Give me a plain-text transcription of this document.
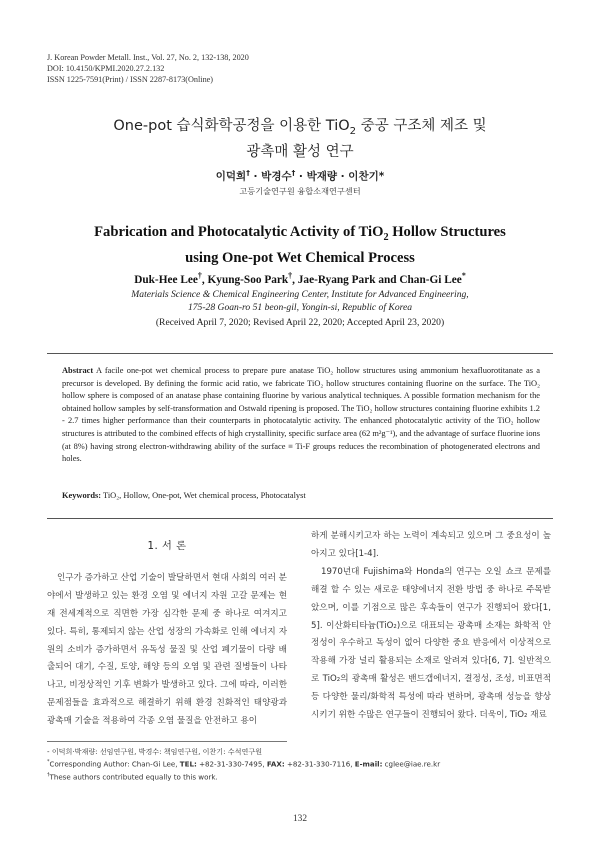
J. Korean Powder Metall. Inst., Vol. 27, No. 2, 132-138, 2020
DOI: 10.4150/KPMI.2020.27.2.132
ISSN 1225-7591(Print) / ISSN 2287-8173(Online)
One-pot 습식화학공정을 이용한 TiO$_2$ 중공 구조체 제조 및
광촉매 활성 연구
이덕희† · 박경수† · 박재량 · 이찬기*
고등기술연구원 융합소재연구센터
Fabrication and Photocatalytic Activity of TiO$_2$ Hollow Structures
using One-pot Wet Chemical Process
Duk-Hee Lee†, Kyung-Soo Park†, Jae-Ryang Park and Chan-Gi Lee*
Materials Science & Chemical Engineering Center, Institute for Advanced Engineering,
175-28 Goan-ro 51 beon-gil, Yongin-si, Republic of Korea
(Received April 7, 2020; Revised April 22, 2020; Accepted April 23, 2020)
Abstract A facile one-pot wet chemical process to prepare pure anatase TiO₂ hollow structures using ammonium hexafluorotitanate as a precursor is developed. By defining the formic acid ratio, we fabricate TiO₂ hollow structures containing fluorine on the surface. The TiO₂ hollow sphere is composed of an anatase phase containing fluorine by various analytical techniques. A possible formation mechanism for the obtained hollow samples by self-transformation and Ostwald ripening is proposed. The TiO₂ hollow structures containing fluorine exhibits 1.2 - 2.7 times higher performance than their counterparts in photocatalytic activity. The enhanced photocatalytic activity of the TiO₂ hollow structures is attributed to the combined effects of high crystallinity, specific surface area (62 m²g⁻¹), and the advantage of surface fluorine ions (at 8%) having strong electron-withdrawing ability of the surface ≡ Ti-F groups reduces the recombination of photogenerated electrons and holes.
Keywords: TiO₂, Hollow, One-pot, Wet chemical process, Photocatalyst
1. 서 론

인구가 증가하고 산업 기술이 발달하면서 현대 사회의 여러 분야에서 발생하고 있는 환경 오염 및 에너지 자원 고갈 문제는 현재 전세계적으로 직면한 가장 심각한 문제 중 하나로 여겨지고 있다. 특히, 통제되지 않는 산업 성장의 가속화로 인해 에너지 자원의 소비가 증가하면서 유독성 물질 및 산업 폐기물이 다량 배출되어 대기, 수질, 토양, 해양 등의 오염 및 관련 질병들이 나타나고, 비정상적인 기후 변화가 발생하고 있다. 그에 따라, 이러한 문제점들을 효과적으로 해결하기 위해 환경 친화적인 태양광과 광촉매 기술을 적용하여 각종 오염 물질을 안전하고 용이

하게 분해시키고자 하는 노력이 계속되고 있으며 그 중요성이 높아지고 있다[1-4].

1970년대 Fujishima와 Honda의 연구는 오일 쇼크 문제를 해결 할 수 있는 새로운 태양에너지 전환 방법 중 하나로 주목받았으며, 이를 기점으로 많은 후속들이 연구가 진행되어 왔다[1, 5]. 이산화티타늄(TiO₂)으로 대표되는 광촉매 소재는 화학적 안정성이 우수하고 독성이 없어 다양한 중요 반응에서 이상적으로 작용해 가장 널리 활용되는 소재로 알려져 있다[6, 7]. 일반적으로 TiO₂의 광촉매 활성은 밴드갭에너지, 결정성, 조성, 비표면적 등 다양한 물리/화학적 특성에 따라 변하며, 광촉매 성능을 향상시키기 위한 수많은 연구들이 진행되어 왔다. 더욱이, TiO₂ 재료

- 이덕희·박재량: 선임연구원, 박경수: 책임연구원, 이찬기: 수석연구원
*Corresponding Author: Chan-Gi Lee, TEL: +82-31-330-7495, FAX: +82-31-330-7116, E-mail: cglee@iae.re.kr
†These authors contributed equally to this work.
132
